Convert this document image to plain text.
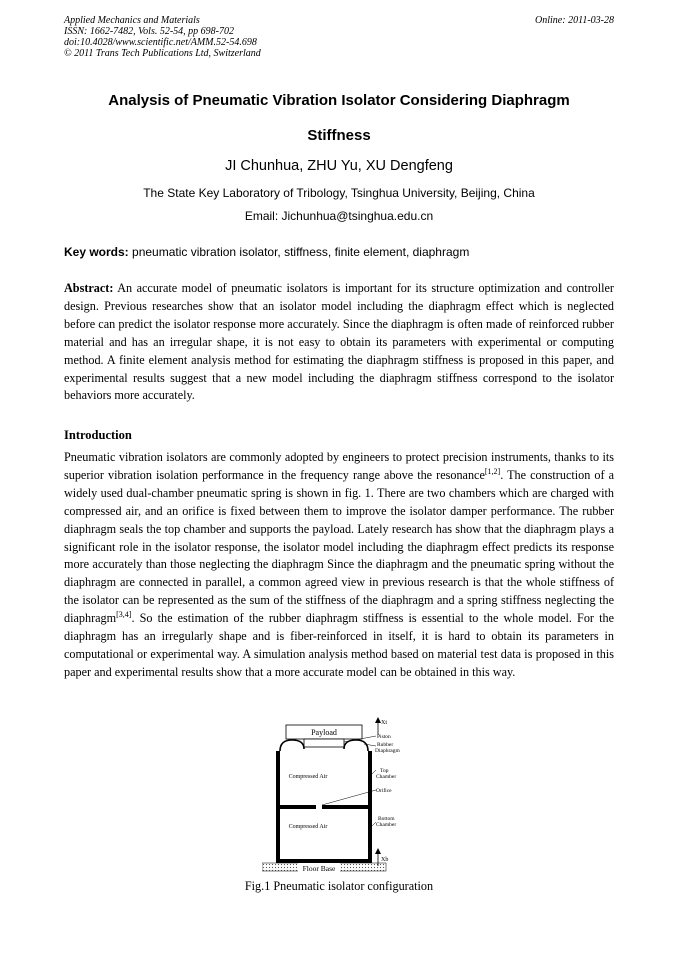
Applied Mechanics and Materials
ISSN: 1662-7482, Vols. 52-54, pp 698-702
doi:10.4028/www.scientific.net/AMM.52-54.698
© 2011 Trans Tech Publications Ltd, Switzerland
Online: 2011-03-28
Analysis of Pneumatic Vibration Isolator Considering Diaphragm
Stiffness
JI Chunhua, ZHU Yu, XU Dengfeng
The State Key Laboratory of Tribology, Tsinghua University, Beijing, China
Email: Jichunhua@tsinghua.edu.cn
Key words: pneumatic vibration isolator, stiffness, finite element, diaphragm
Abstract: An accurate model of pneumatic isolators is important for its structure optimization and controller design. Previous researches show that an isolator model including the diaphragm effect which is neglected before can predict the isolator response more accurately. Since the diaphragm is often made of reinforced rubber material and has an irregular shape, it is not easy to obtain its parameters with experimental or computing method. A finite element analysis method for estimating the diaphragm stiffness is proposed in this paper, and experimental results suggest that a new model including the diaphragm stiffness correspond to the isolator behaviors more accurately.
Introduction
Pneumatic vibration isolators are commonly adopted by engineers to protect precision instruments, thanks to its superior vibration isolation performance in the frequency range above the resonance[1,2]. The construction of a widely used dual-chamber pneumatic spring is shown in fig. 1. There are two chambers which are charged with compressed air, and an orifice is fixed between them to improve the isolator damper performance. The rubber diaphragm seals the top chamber and supports the payload. Lately research has show that the diaphragm plays a significant role in the isolator response, the isolator model including the diaphragm effect predicts its response more accurately than those neglecting the diaphragm Since the diaphragm and the pneumatic spring without the diaphragm are connected in parallel, a common agreed view in previous research is that the whole stiffness of the isolator can be represented as the sum of the stiffness of the diaphragm and a spring stiffness neglecting the diaphragm[3,4]. So the estimation of the rubber diaphragm stiffness is essential to the whole model. For the diaphragm has an irregularly shape and is fiber-reinforced in itself, it is hard to obtain its parameters in computational or experimental way. A simulation analysis method based on material test data is proposed in this paper and experimental results show that a more accurate model can be obtained in this way.
Payload
Compressed Air
Compressed Air
Floor Base
Xt
Xb
Piston
Rubber
Diaphragm
Top
Chamber
Orifice
Bottom
Chamber
Fig.1 Pneumatic isolator configuration
